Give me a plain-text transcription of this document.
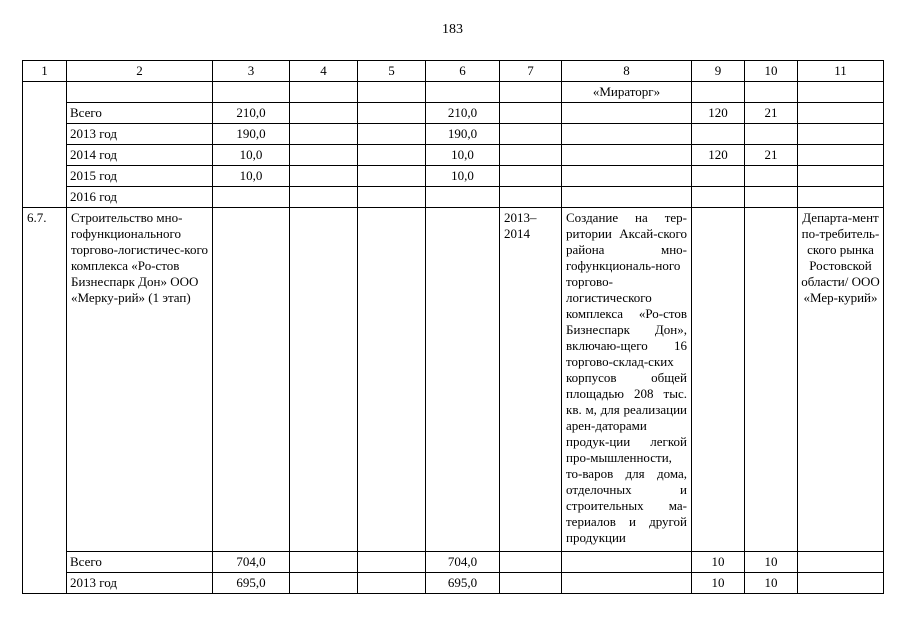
183
1	2	3	4	5	6	7	8	9	10	11
							«Мираторг»			
	Всего	210,0			210,0			120	21	
	2013 год	190,0			190,0					
	2014 год	10,0			10,0			120	21	
	2015 год	10,0			10,0					
	2016 год									
6.7.	Строительство мно-гофункционального торгово-логистичес-кого комплекса «Ро-стов Бизнеспарк Дон» ООО «Мерку-рий» (1 этап)					2013–2014	Создание на тер-ритории Аксай-ского района мно-гофункциональ-ного торгово-логистического комплекса «Ро-стов Бизнеспарк Дон», включаю-щего 16 торгово-склад-ских корпусов общей площадью 208 тыс. кв. м, для реализации арен-даторами продук-ции легкой про-мышленности, то-варов для дома, отделочных и строительных ма-териалов и другой продукции			Департа-мент по-требитель-ского рынка Ростовской области/ ООО «Мер-курий»
	Всего	704,0			704,0			10	10	
	2013 год	695,0			695,0			10	10	
